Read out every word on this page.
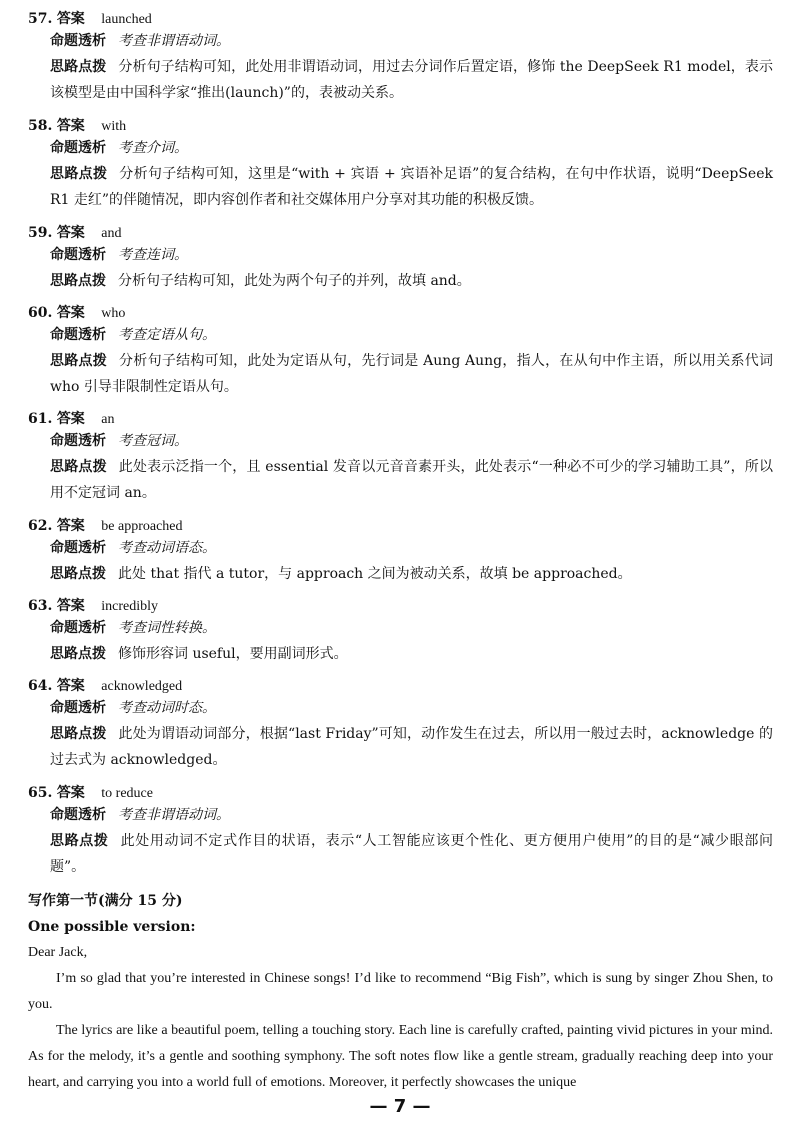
57. 答案 launched
命题透析 考查非谓语动词。
思路点拨 分析句子结构可知，此处用非谓语动词，用过去分词作后置定语，修饰 the DeepSeek R1 model，表示该模型是由中国科学家“推出(launch)”的，表被动关系。
58. 答案 with
命题透析 考查介词。
思路点拨 分析句子结构可知，这里是“with + 宾语 + 宾语补足语”的复合结构，在句中作状语，说明“DeepSeek R1 走红”的伴随情况，即内容创作者和社交媒体用户分享对其功能的积极反馈。
59. 答案 and
命题透析 考查连词。
思路点拨 分析句子结构可知，此处为两个句子的并列，故填 and。
60. 答案 who
命题透析 考查定语从句。
思路点拨 分析句子结构可知，此处为定语从句，先行词是 Aung Aung，指人，在从句中作主语，所以用关系代词 who 引导非限制性定语从句。
61. 答案 an
命题透析 考查冠词。
思路点拨 此处表示泛指一个，且 essential 发音以元音音素开头，此处表示“一种必不可少的学习辅助工具”，所以用不定冠词 an。
62. 答案 be approached
命题透析 考查动词语态。
思路点拨 此处 that 指代 a tutor，与 approach 之间为被动关系，故填 be approached。
63. 答案 incredibly
命题透析 考查词性转换。
思路点拨 修饰形容词 useful，要用副词形式。
64. 答案 acknowledged
命题透析 考查动词时态。
思路点拨 此处为谓语动词部分，根据“last Friday”可知，动作发生在过去，所以用一般过去时，acknowledge 的过去式为 acknowledged。
65. 答案 to reduce
命题透析 考查非谓语动词。
思路点拨 此处用动词不定式作目的状语，表示“人工智能应该更个性化、更方便用户使用”的目的是“减少眼部问题”。
写作第一节(满分 15 分)
One possible version:

Dear Jack,

I’m so glad that you’re interested in Chinese songs! I’d like to recommend “Big Fish”, which is sung by singer Zhou Shen, to you.

The lyrics are like a beautiful poem, telling a touching story. Each line is carefully crafted, painting vivid pictures in your mind. As for the melody, it’s a gentle and soothing symphony. The soft notes flow like a gentle stream, gradually reaching deep into your heart, and carrying you into a world full of emotions. Moreover, it perfectly showcases the unique

— 7 —
